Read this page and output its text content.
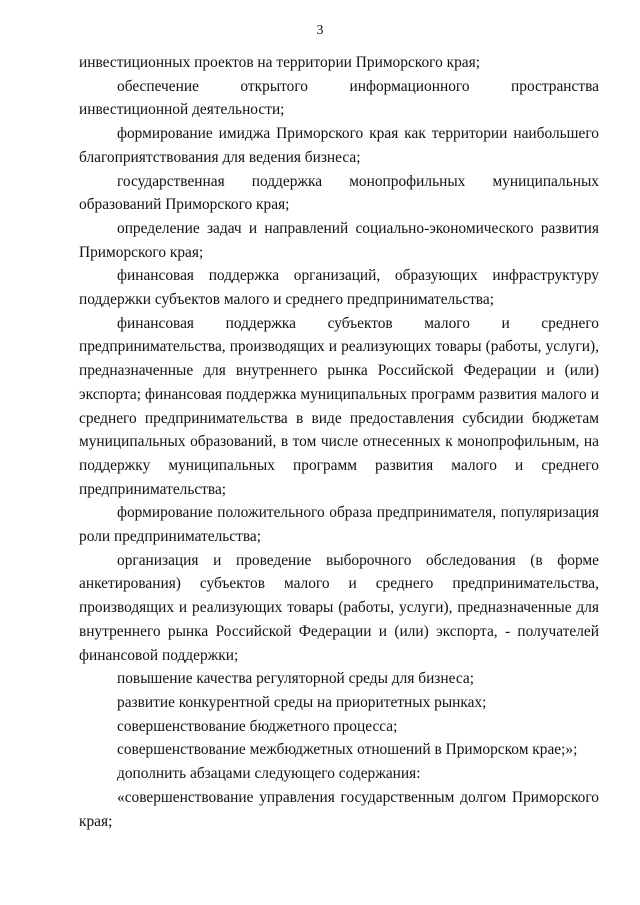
3

инвестиционных проектов на территории Приморского края;

обеспечение открытого информационного пространства инвестиционной деятельности;

формирование имиджа Приморского края как территории наибольшего благоприятствования для ведения бизнеса;

государственная поддержка монопрофильных муниципальных образований Приморского края;

определение задач и направлений социально-экономического развития Приморского края;

финансовая поддержка организаций, образующих инфраструктуру поддержки субъектов малого и среднего предпринимательства;

финансовая поддержка субъектов малого и среднего предпринимательства, производящих и реализующих товары (работы, услуги), предназначенные для внутреннего рынка Российской Федерации и (или) экспорта; финансовая поддержка муниципальных программ развития малого и среднего предпринимательства в виде предоставления субсидии бюджетам муниципальных образований, в том числе отнесенных к монопрофильным, на поддержку муниципальных программ развития малого и среднего предпринимательства;

формирование положительного образа предпринимателя, популяризация роли предпринимательства;

организация и проведение выборочного обследования (в форме анкетирования) субъектов малого и среднего предпринимательства, производящих и реализующих товары (работы, услуги), предназначенные для внутреннего рынка Российской Федерации и (или) экспорта, - получателей финансовой поддержки;

повышение качества регуляторной среды для бизнеса;

развитие конкурентной среды на приоритетных рынках;

совершенствование бюджетного процесса;

совершенствование межбюджетных отношений в Приморском крае;»;

дополнить абзацами следующего содержания:

«совершенствование управления государственным долгом Приморского края;
